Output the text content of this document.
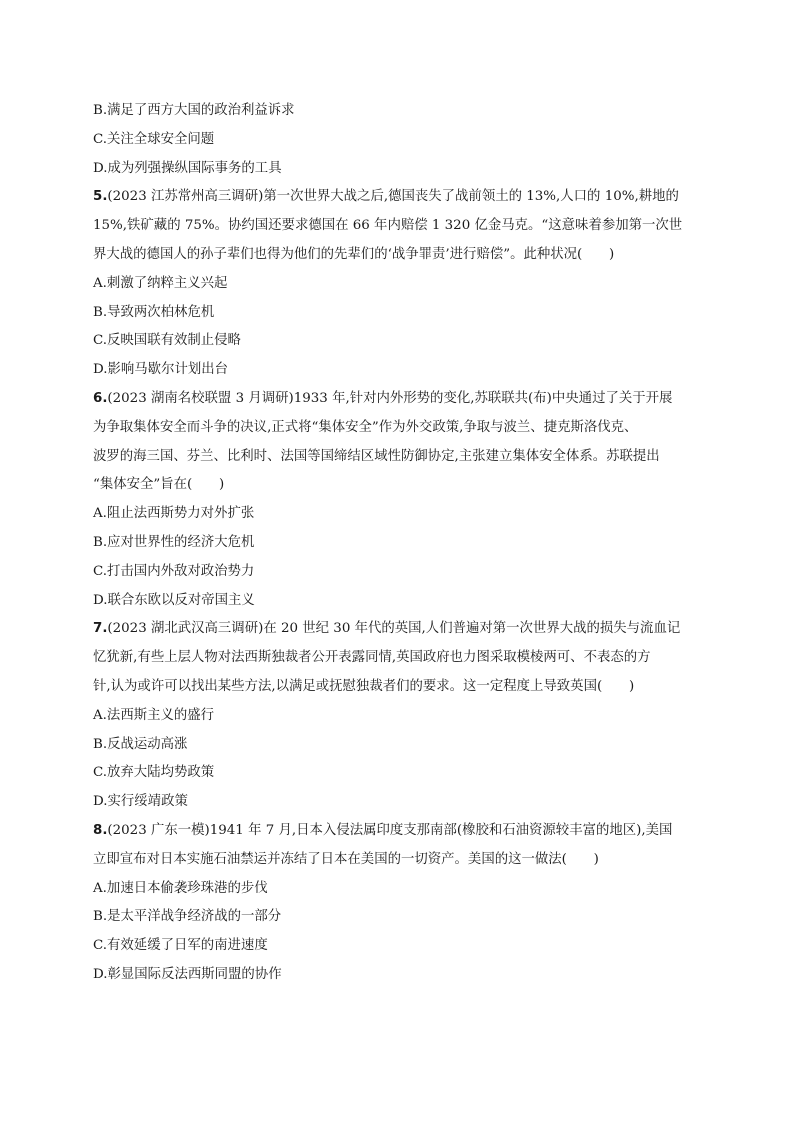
B.满足了西方大国的政治利益诉求
C.关注全球安全问题
D.成为列强操纵国际事务的工具
5.(2023 江苏常州高三调研)第一次世界大战之后,德国丧失了战前领土的 13%,人口的 10%,耕地的
15%,铁矿藏的 75%。协约国还要求德国在 66 年内赔偿 1 320 亿金马克。“这意味着参加第一次世
界大战的德国人的孙子辈们也得为他们的先辈们的‘战争罪责’进行赔偿”。此种状况(　　)
A.刺激了纳粹主义兴起
B.导致两次柏林危机
C.反映国联有效制止侵略
D.影响马歇尔计划出台
6.(2023 湖南名校联盟 3 月调研)1933 年,针对内外形势的变化,苏联联共(布)中央通过了关于开展
为争取集体安全而斗争的决议,正式将“集体安全”作为外交政策,争取与波兰、捷克斯洛伐克、
波罗的海三国、芬兰、比利时、法国等国缔结区域性防御协定,主张建立集体安全体系。苏联提出
“集体安全”旨在(　　)
A.阻止法西斯势力对外扩张
B.应对世界性的经济大危机
C.打击国内外敌对政治势力
D.联合东欧以反对帝国主义
7.(2023 湖北武汉高三调研)在 20 世纪 30 年代的英国,人们普遍对第一次世界大战的损失与流血记
忆犹新,有些上层人物对法西斯独裁者公开表露同情,英国政府也力图采取模棱两可、不表态的方
针,认为或许可以找出某些方法,以满足或抚慰独裁者们的要求。这一定程度上导致英国(　　)
A.法西斯主义的盛行
B.反战运动高涨
C.放弃大陆均势政策
D.实行绥靖政策
8.(2023 广东一模)1941 年 7 月,日本入侵法属印度支那南部(橡胶和石油资源较丰富的地区),美国
立即宣布对日本实施石油禁运并冻结了日本在美国的一切资产。美国的这一做法(　　)
A.加速日本偷袭珍珠港的步伐
B.是太平洋战争经济战的一部分
C.有效延缓了日军的南进速度
D.彰显国际反法西斯同盟的协作
